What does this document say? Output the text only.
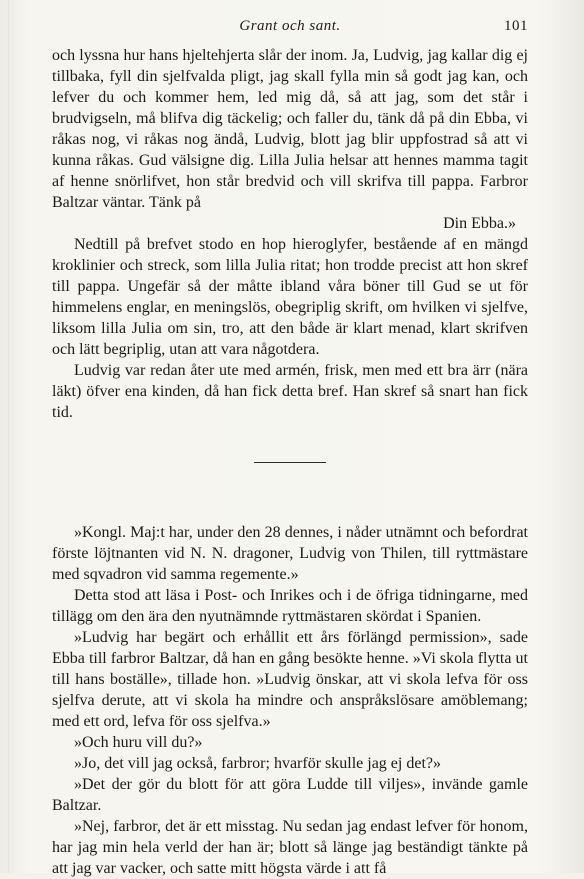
Grant och sant.	101

och lyssna hur hans hjeltehjerta slår der inom. Ja, Ludvig, jag kallar dig ej tillbaka, fyll din sjelfvalda pligt, jag skall fylla min så godt jag kan, och lefver du och kommer hem, led mig då, så att jag, som det står i brudvigseln, må blifva dig täckelig; och faller du, tänk då på din Ebba, vi råkas nog, vi råkas nog ändå, Ludvig, blott jag blir uppfostrad så att vi kunna råkas. Gud välsigne dig. Lilla Julia helsar att hennes mamma tagit af henne snörlifvet, hon står bredvid och vill skrifva till pappa. Farbror Baltzar väntar. Tänk på

Din Ebba.»

Nedtill på brefvet stodo en hop hieroglyfer, bestående af en mängd kroklinier och streck, som lilla Julia ritat; hon trodde precist att hon skref till pappa. Ungefär så der måtte ibland våra böner till Gud se ut för himmelens englar, en meningslös, obegriplig skrift, om hvilken vi sjelfve, liksom lilla Julia om sin, tro, att den både är klart menad, klart skrifven och lätt begriplig, utan att vara någotdera.

Ludvig var redan åter ute med armén, frisk, men med ett bra ärr (nära läkt) öfver ena kinden, då han fick detta bref. Han skref så snart han fick tid.

»Kongl. Maj:t har, under den 28 dennes, i nåder utnämnt och befordrat förste löjtnanten vid N. N. dragoner, Ludvig von Thilen, till ryttmästare med sqvadron vid samma regemente.»

Detta stod att läsa i Post- och Inrikes och i de öfriga tidningarne, med tillägg om den ära den nyutnämnde ryttmästaren skördat i Spanien.

»Ludvig har begärt och erhållit ett års förlängd permission», sade Ebba till farbror Baltzar, då han en gång besökte henne. »Vi skola flytta ut till hans boställe», tillade hon. »Ludvig önskar, att vi skola lefva för oss sjelfva derute, att vi skola ha mindre och anspråkslösare amöblemang; med ett ord, lefva för oss sjelfva.»

»Och huru vill du?»

»Jo, det vill jag också, farbror; hvarför skulle jag ej det?»

»Det der gör du blott för att göra Ludde till viljes», invände gamle Baltzar.

»Nej, farbror, det är ett misstag. Nu sedan jag endast lefver för honom, har jag min hela verld der han är; blott så länge jag beständigt tänkte på att jag var vacker, och satte mitt högsta värde i att få
